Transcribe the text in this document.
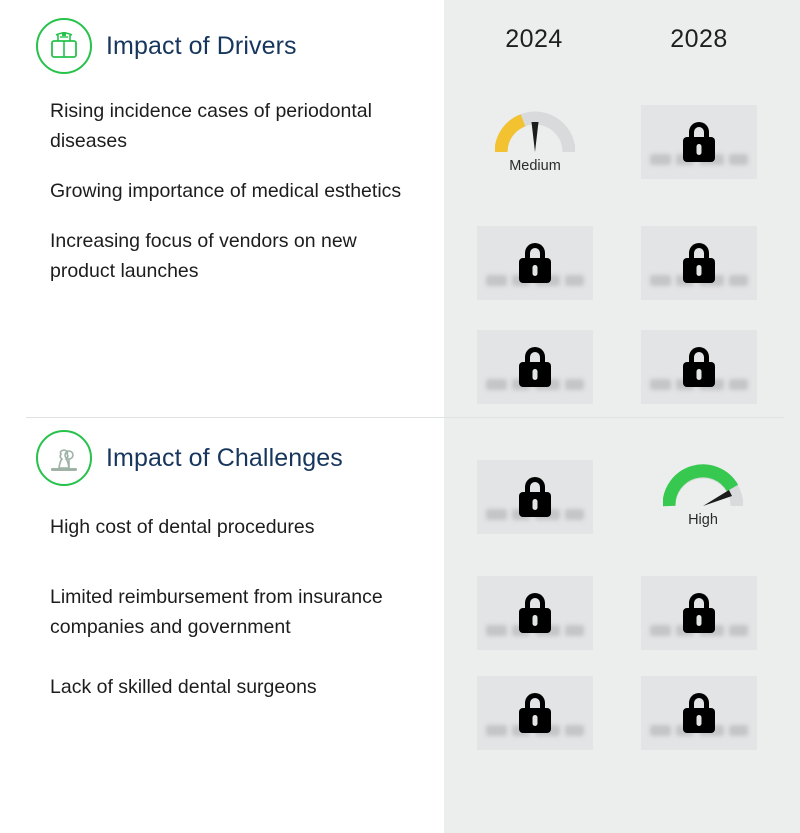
2024	2028
Impact of Drivers
Rising incidence cases of periodontal diseases
Growing importance of medical esthetics
Increasing focus of vendors on new product launches
Medium
Impact of Challenges
High cost of dental procedures
Limited reimbursement from insurance companies and government
Lack of skilled dental surgeons
High
